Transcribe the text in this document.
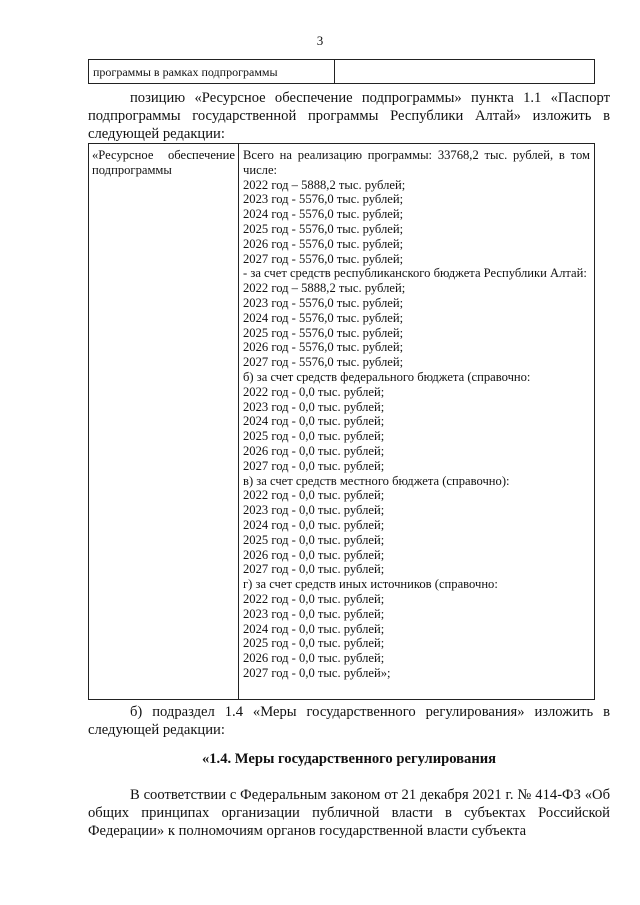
3
программы в рамках подпрограммы
позицию «Ресурсное обеспечение подпрограммы» пункта 1.1 «Паспорт подпрограммы государственной программы Республики Алтай» изложить в следующей редакции:
«Ресурсное обеспечение подпрограммы
Всего на реализацию программы: 33768,2 тыс. рублей, в том числе:
2022 год – 5888,2 тыс. рублей;
2023 год - 5576,0 тыс. рублей;
2024 год - 5576,0 тыс. рублей;
2025 год - 5576,0 тыс. рублей;
2026 год - 5576,0 тыс. рублей;
2027 год - 5576,0 тыс. рублей;
- за счет средств республиканского бюджета Республики Алтай:
2022 год – 5888,2 тыс. рублей;
2023 год - 5576,0 тыс. рублей;
2024 год - 5576,0 тыс. рублей;
2025 год - 5576,0 тыс. рублей;
2026 год - 5576,0 тыс. рублей;
2027 год - 5576,0 тыс. рублей;
б) за счет средств федерального бюджета (справочно:
2022 год - 0,0 тыс. рублей;
2023 год - 0,0 тыс. рублей;
2024 год - 0,0 тыс. рублей;
2025 год - 0,0 тыс. рублей;
2026 год - 0,0 тыс. рублей;
2027 год - 0,0 тыс. рублей;
в) за счет средств местного бюджета (справочно):
2022 год - 0,0 тыс. рублей;
2023 год - 0,0 тыс. рублей;
2024 год - 0,0 тыс. рублей;
2025 год - 0,0 тыс. рублей;
2026 год - 0,0 тыс. рублей;
2027 год - 0,0 тыс. рублей;
г) за счет средств иных источников (справочно:
2022 год - 0,0 тыс. рублей;
2023 год - 0,0 тыс. рублей;
2024 год - 0,0 тыс. рублей;
2025 год - 0,0 тыс. рублей;
2026 год - 0,0 тыс. рублей;
2027 год - 0,0 тыс. рублей»;
б) подраздел 1.4 «Меры государственного регулирования» изложить в следующей редакции:
«1.4. Меры государственного регулирования
В соответствии с Федеральным законом от 21 декабря 2021 г. № 414-ФЗ «Об общих принципах организации публичной власти в субъектах Российской Федерации» к полномочиям органов государственной власти субъекта
